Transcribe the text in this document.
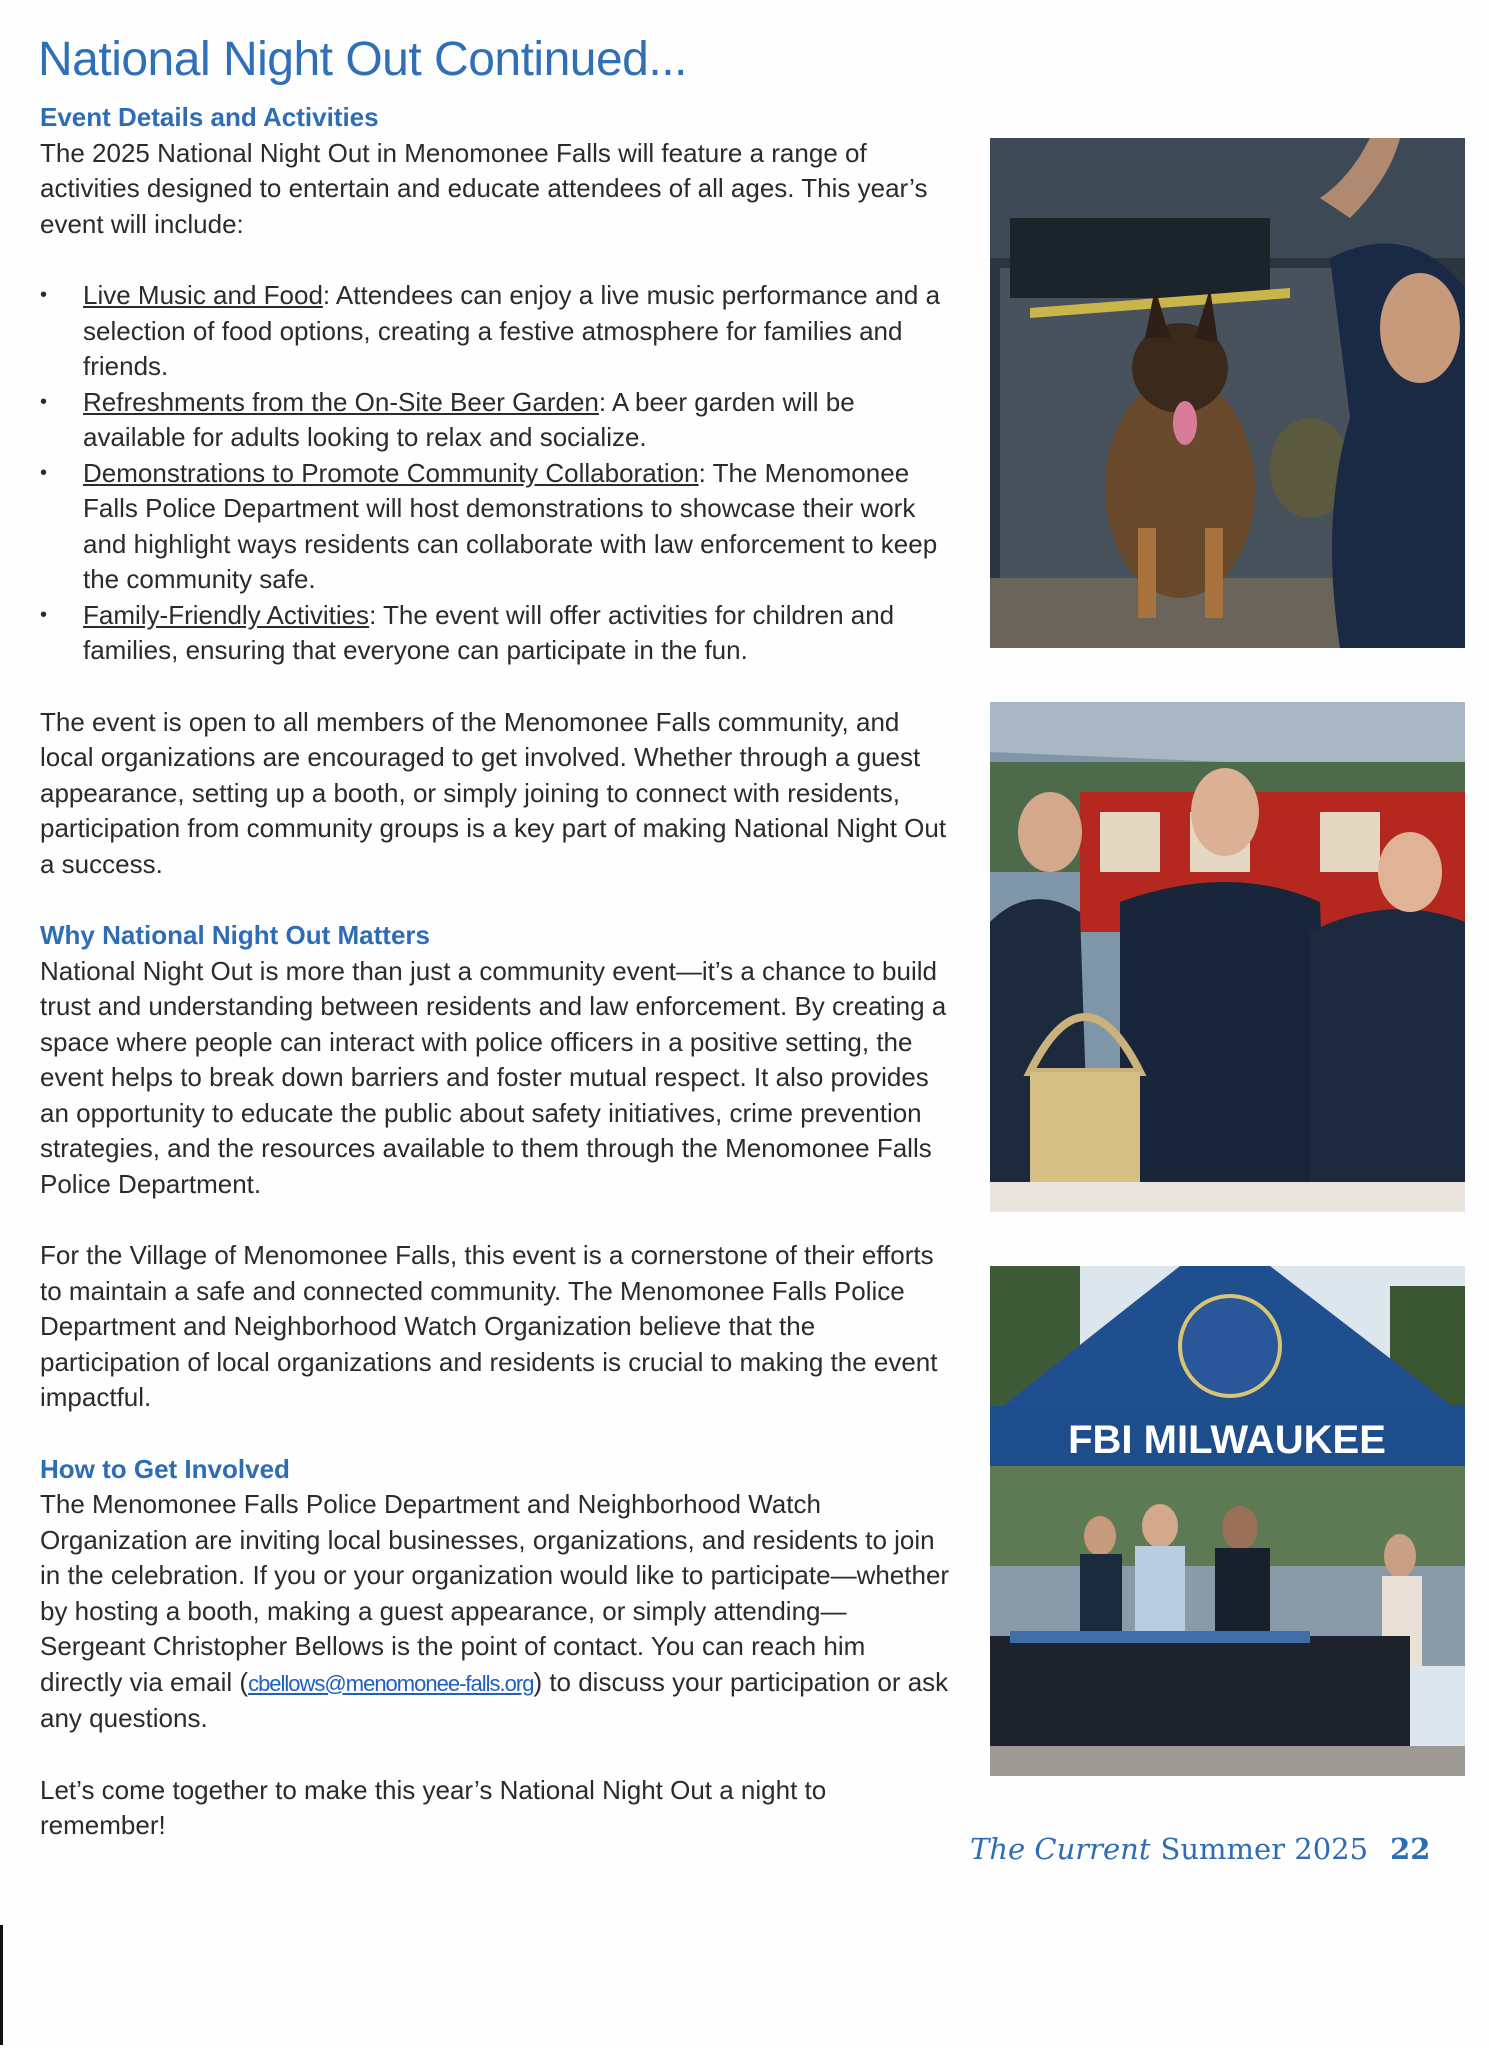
National Night Out Continued...
Event Details and Activities

The 2025 National Night Out in Menomonee Falls will feature a range of activities designed to entertain and educate attendees of all ages. This year’s event will include:

• Live Music and Food: Attendees can enjoy a live music performance and a selection of food options, creating a festive atmosphere for families and friends.
• Refreshments from the On-Site Beer Garden: A beer garden will be available for adults looking to relax and socialize.
• Demonstrations to Promote Community Collaboration: The Menomonee Falls Police Department will host demonstrations to showcase their work and highlight ways residents can collaborate with law enforcement to keep the community safe.
• Family-Friendly Activities: The event will offer activities for children and families, ensuring that everyone can participate in the fun.

The event is open to all members of the Menomonee Falls community, and local organizations are encouraged to get involved. Whether through a guest appearance, setting up a booth, or simply joining to connect with residents, participation from community groups is a key part of making National Night Out a success.

Why National Night Out Matters

National Night Out is more than just a community event—it’s a chance to build trust and understanding between residents and law enforcement. By creating a space where people can interact with police officers in a positive setting, the event helps to break down barriers and foster mutual respect. It also provides an opportunity to educate the public about safety initiatives, crime prevention strategies, and the resources available to them through the Menomonee Falls Police Department.

For the Village of Menomonee Falls, this event is a cornerstone of their efforts to maintain a safe and connected community. The Menomonee Falls Police Department and Neighborhood Watch Organization believe that the participation of local organizations and residents is crucial to making the event impactful.

How to Get Involved

The Menomonee Falls Police Department and Neighborhood Watch Organization are inviting local businesses, organizations, and residents to join in the celebration. If you or your organization would like to participate—whether by hosting a booth, making a guest appearance, or simply attending—Sergeant Christopher Bellows is the point of contact. You can reach him directly via email (cbellows@menomonee-falls.org) to discuss your participation or ask any questions.

Let’s come together to make this year’s National Night Out a night to remember!

FBI MILWAUKEE
The Current Summer 2025 22
